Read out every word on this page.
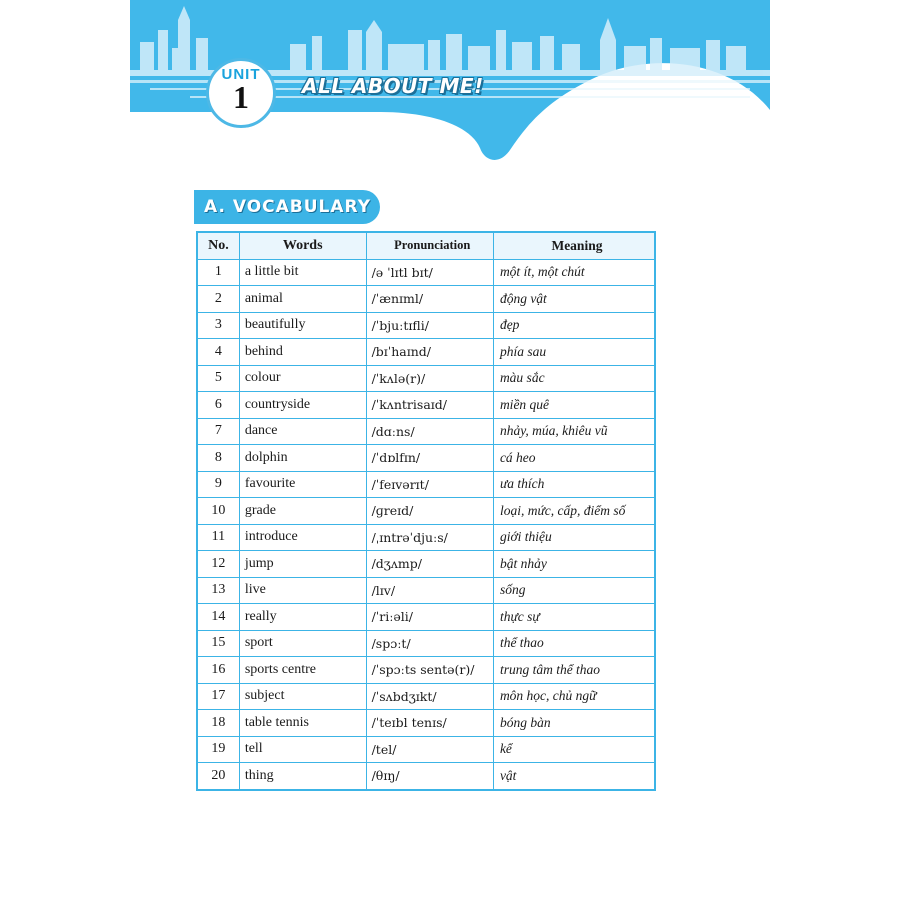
UNIT
1	ALL ABOUT ME!
A. VOCABULARY
No.	Words	Pronunciation	Meaning
1	a little bit	/ə ˈlɪtl bɪt/	một ít, một chút
2	animal	/ˈænɪml/	động vật
3	beautifully	/ˈbjuːtɪfli/	đẹp
4	behind	/bɪˈhaɪnd/	phía sau
5	colour	/ˈkʌlə(r)/	màu sắc
6	countryside	/ˈkʌntrisaɪd/	miền quê
7	dance	/dɑːns/	nhảy, múa, khiêu vũ
8	dolphin	/ˈdɒlfɪn/	cá heo
9	favourite	/ˈfeɪvərɪt/	ưa thích
10	grade	/ɡreɪd/	loại, mức, cấp, điểm số
11	introduce	/ˌɪntrəˈdjuːs/	giới thiệu
12	jump	/dʒʌmp/	bật nhảy
13	live	/lɪv/	sống
14	really	/ˈriːəli/	thực sự
15	sport	/spɔːt/	thể thao
16	sports centre	/ˈspɔːts sentə(r)/	trung tâm thể thao
17	subject	/ˈsʌbdʒɪkt/	môn học, chủ ngữ
18	table tennis	/ˈteɪbl tenɪs/	bóng bàn
19	tell	/tel/	kể
20	thing	/θɪŋ/	vật
